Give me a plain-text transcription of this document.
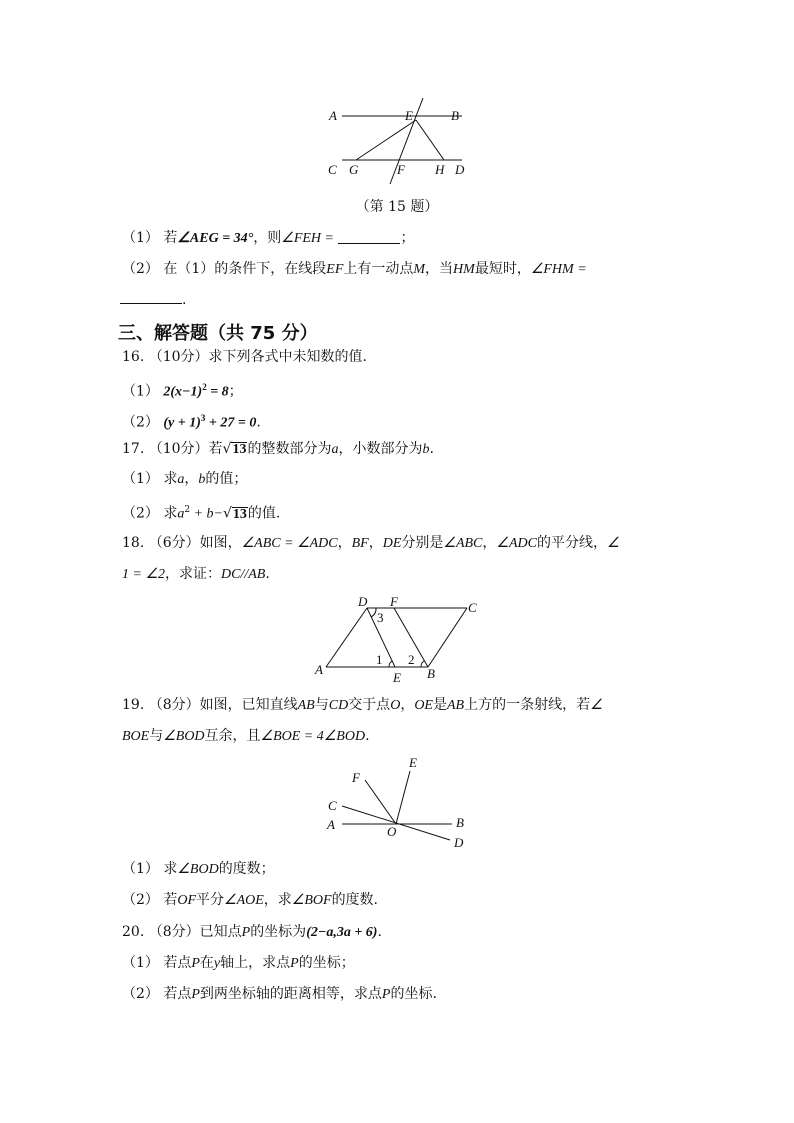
A	E	B
C G	F H D
（第 15 题）
（1） 若∠AEG = 34°，则∠FEH =	；
（2） 在（1）的条件下，在线段EF上有一动点M，当HM最短时，∠FHM =
.
三、解答题（共 75 分）
16. （10分）求下列各式中未知数的值.
（1） $2(x-1)^2 = 8$；
（2） $(y + 1)^3 + 27 = 0$.
17. （10分）若√13的整数部分为a，小数部分为b.
（1） 求a，b的值；
（2） 求$a^2 + b-√13$的值.
18. （6分）如图，∠ABC = ∠ADC，BF，DE分别是∠ABC，∠ADC的平分线，∠
1 = ∠2，求证：DC//AB.
D F	C
3
A
1 2
E B
19. （8分）如图，已知直线AB与CD交于点O，OE是AB上方的一条射线，若∠
BOE与∠BOD互余，且∠BOE = 4∠BOD.
E
F
C
A	O
B
D
（1） 求∠BOD的度数；
（2） 若OF平分∠AOE，求∠BOF的度数.
20. （8分）已知点P的坐标为(2−a,3a + 6).
（1） 若点P在y轴上，求点P的坐标；
（2） 若点P到两坐标轴的距离相等，求点P的坐标.
